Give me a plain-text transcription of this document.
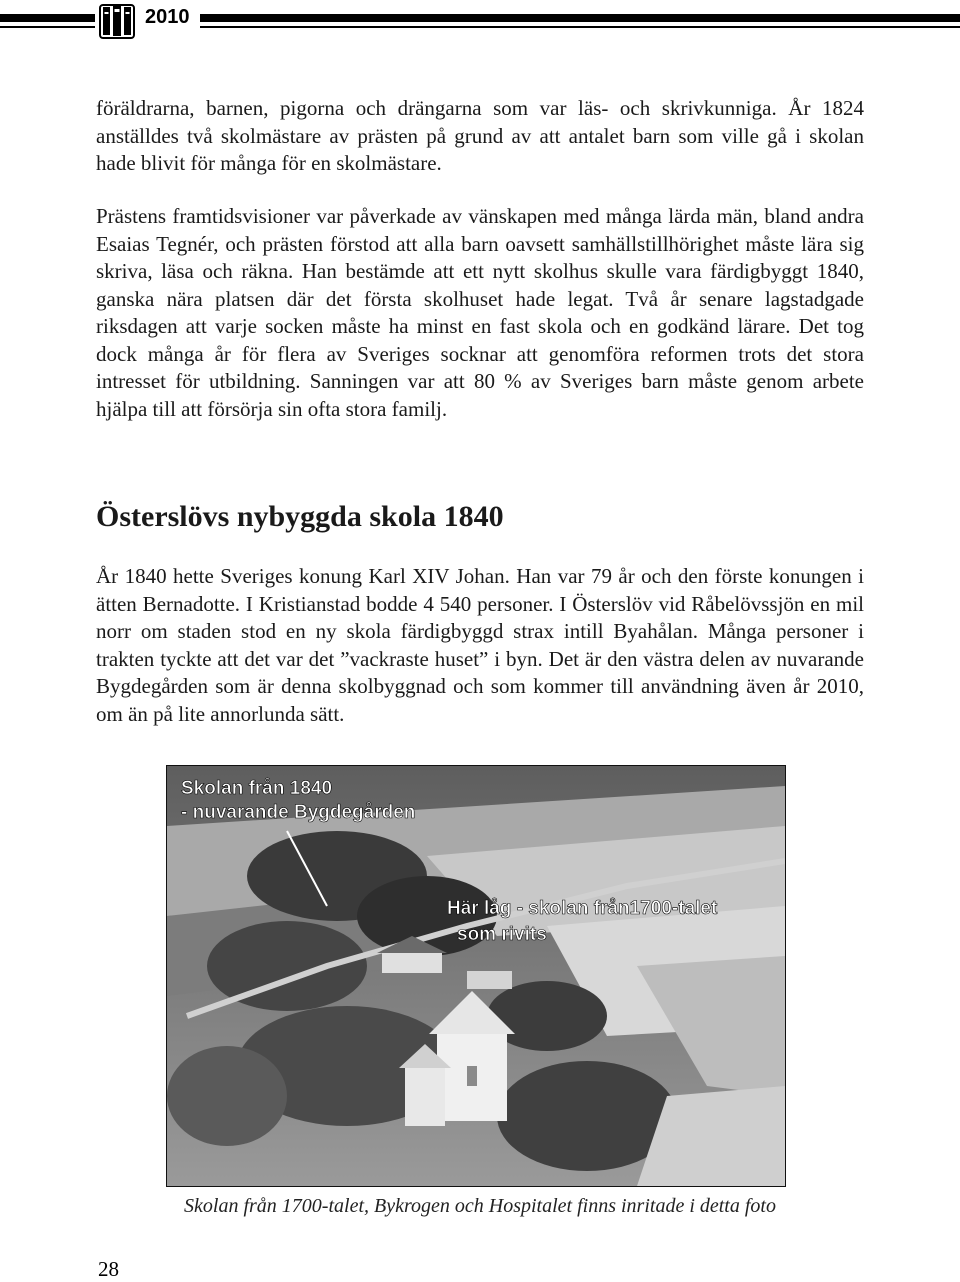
2010

föräldrarna, barnen, pigorna och drängarna som var läs- och skrivkunniga. År 1824 anställdes två skolmästare av prästen på grund av att antalet barn som ville gå i skolan hade blivit för många för en skolmästare.

Prästens framtidsvisioner var påverkade av vänskapen med många lärda män, bland andra Esaias Tegnér, och prästen förstod att alla barn oavsett samhällstillhörighet måste lära sig skriva, läsa och räkna. Han bestämde att ett nytt skolhus skulle vara färdigbyggt 1840, ganska nära platsen där det första skolhuset hade legat. Två år senare lagstadgade riksdagen att varje socken måste ha minst en fast skola och en godkänd lärare. Det tog dock många år för flera av Sveriges socknar att genomföra reformen trots det stora intresset för utbildning. Sanningen var att 80 % av Sveriges barn måste genom arbete hjälpa till att försörja sin ofta stora familj.

Österslövs nybyggda skola 1840

År 1840 hette Sveriges konung Karl XIV Johan. Han var 79 år och den förste konungen i ätten Bernadotte. I Kristianstad bodde 4 540 personer. I Österslöv vid Råbelövssjön en mil norr om staden stod en ny skola färdigbyggd strax intill Byahålan. Många personer i trakten tyckte att det var det ”vackraste huset” i byn. Det är den västra delen av nuvarande Bygdegården som är denna skolbyggnad och som kommer till användning även år 2010, om än på lite annorlunda sätt.

Skolan från 1840
- nuvarande Bygdegården
Här låg - skolan från1700-talet
som rivits
Skolan från 1700-talet, Bykrogen och Hospitalet finns inritade i detta foto
28
